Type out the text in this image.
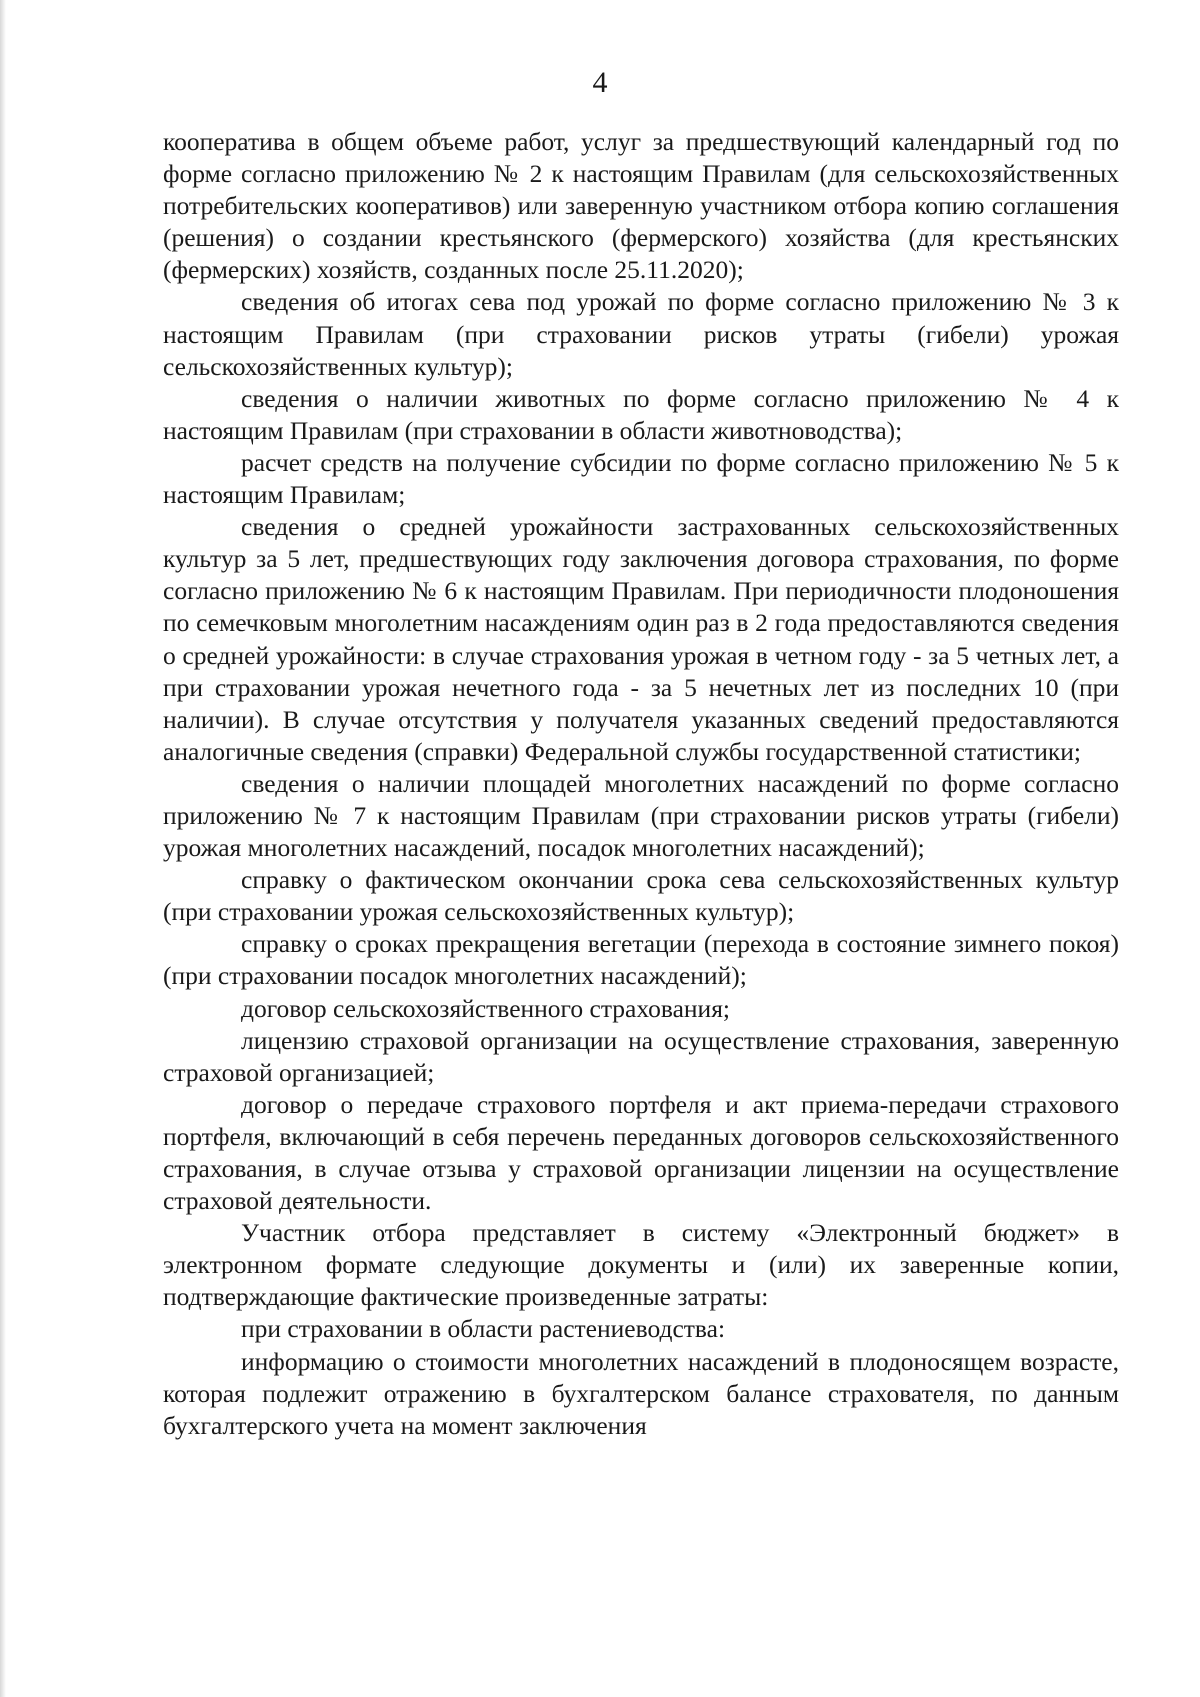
4

кооператива в общем объеме работ, услуг за предшествующий календарный год по форме согласно приложению № 2 к настоящим Правилам (для сельскохозяйственных потребительских кооперативов) или заверенную участником отбора копию соглашения (решения) о создании крестьянского (фермерского) хозяйства (для крестьянских (фермерских) хозяйств, созданных после 25.11.2020);

сведения об итогах сева под урожай по форме согласно приложению № 3 к настоящим Правилам (при страховании рисков утраты (гибели) урожая сельскохозяйственных культур);

сведения о наличии животных по форме согласно приложению № 4 к настоящим Правилам (при страховании в области животноводства);

расчет средств на получение субсидии по форме согласно приложению № 5 к настоящим Правилам;

сведения о средней урожайности застрахованных сельскохозяйственных культур за 5 лет, предшествующих году заключения договора страхования, по форме согласно приложению № 6 к настоящим Правилам. При периодичности плодоношения по семечковым многолетним насаждениям один раз в 2 года предоставляются сведения о средней урожайности: в случае страхования урожая в четном году - за 5 четных лет, а при страховании урожая нечетного года - за 5 нечетных лет из последних 10 (при наличии). В случае отсутствия у получателя указанных сведений предоставляются аналогичные сведения (справки) Федеральной службы государственной статистики;

сведения о наличии площадей многолетних насаждений по форме согласно приложению № 7 к настоящим Правилам (при страховании рисков утраты (гибели) урожая многолетних насаждений, посадок многолетних насаждений);

справку о фактическом окончании срока сева сельскохозяйственных культур (при страховании урожая сельскохозяйственных культур);

справку о сроках прекращения вегетации (перехода в состояние зимнего покоя) (при страховании посадок многолетних насаждений);

договор сельскохозяйственного страхования;

лицензию страховой организации на осуществление страхования, заверенную страховой организацией;

договор о передаче страхового портфеля и акт приема-передачи страхового портфеля, включающий в себя перечень переданных договоров сельскохозяйственного страхования, в случае отзыва у страховой организации лицензии на осуществление страховой деятельности.

Участник отбора представляет в систему «Электронный бюджет» в электронном формате следующие документы и (или) их заверенные копии, подтверждающие фактические произведенные затраты:

при страховании в области растениеводства:

информацию о стоимости многолетних насаждений в плодоносящем возрасте, которая подлежит отражению в бухгалтерском балансе страхователя, по данным бухгалтерского учета на момент заключения
